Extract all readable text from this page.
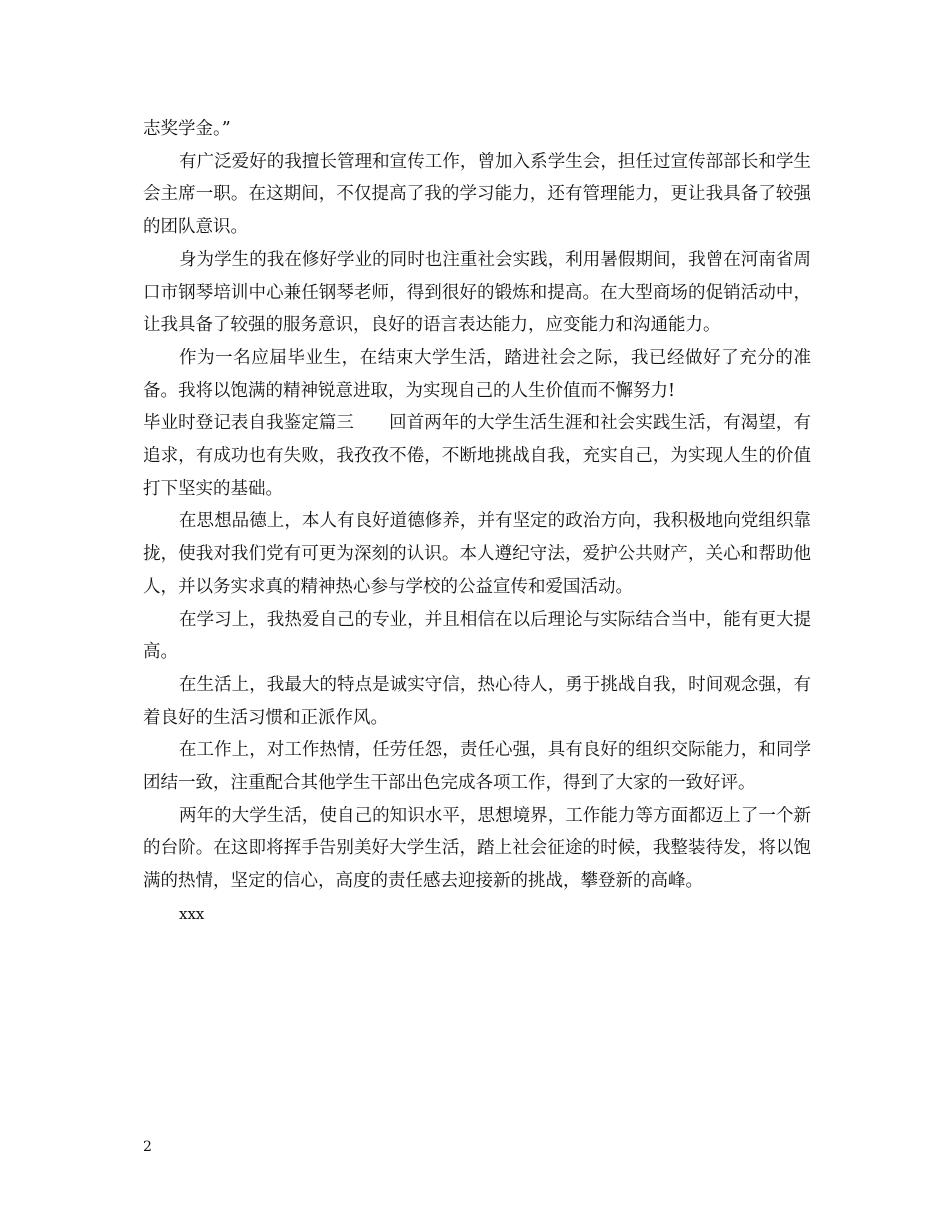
志奖学金。”

有广泛爱好的我擅长管理和宣传工作，曾加入系学生会，担任过宣传部部长和学生会主席一职。在这期间，不仅提高了我的学习能力，还有管理能力，更让我具备了较强的团队意识。

身为学生的我在修好学业的同时也注重社会实践，利用暑假期间，我曾在河南省周口市钢琴培训中心兼任钢琴老师，得到很好的锻炼和提高。在大型商场的促销活动中，让我具备了较强的服务意识，良好的语言表达能力，应变能力和沟通能力。

作为一名应届毕业生，在结束大学生活，踏进社会之际，我已经做好了充分的准备。我将以饱满的精神锐意进取，为实现自己的人生价值而不懈努力!

毕业时登记表自我鉴定篇三　　回首两年的大学生活生涯和社会实践生活，有渴望，有追求，有成功也有失败，我孜孜不倦，不断地挑战自我，充实自己，为实现人生的价值打下坚实的基础。

在思想品德上，本人有良好道德修养，并有坚定的政治方向，我积极地向党组织靠拢，使我对我们党有可更为深刻的认识。本人遵纪守法，爱护公共财产，关心和帮助他人，并以务实求真的精神热心参与学校的公益宣传和爱国活动。

在学习上，我热爱自己的专业，并且相信在以后理论与实际结合当中，能有更大提高。

在生活上，我最大的特点是诚实守信，热心待人，勇于挑战自我，时间观念强，有着良好的生活习惯和正派作风。

在工作上，对工作热情，任劳任怨，责任心强，具有良好的组织交际能力，和同学团结一致，注重配合其他学生干部出色完成各项工作，得到了大家的一致好评。

两年的大学生活，使自己的知识水平，思想境界，工作能力等方面都迈上了一个新的台阶。在这即将挥手告别美好大学生活，踏上社会征途的时候，我整装待发，将以饱满的热情，坚定的信心，高度的责任感去迎接新的挑战，攀登新的高峰。

xxx

2
